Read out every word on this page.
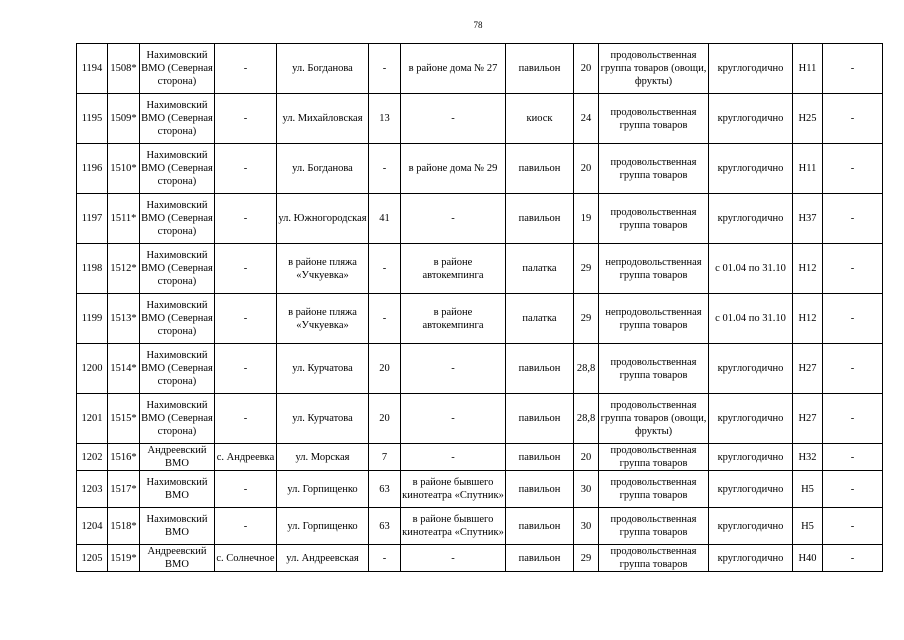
78
1194	1508*	Нахимовский ВМО (Северная сторона)	-	ул. Богданова	-	в районе дома № 27	павильон	20	продовольственная группа товаров (овощи, фрукты)	круглогодично	Н11	-
1195	1509*	Нахимовский ВМО (Северная сторона)	-	ул. Михайловская	13	-	киоск	24	продовольственная группа товаров	круглогодично	Н25	-
1196	1510*	Нахимовский ВМО (Северная сторона)	-	ул. Богданова	-	в районе дома № 29	павильон	20	продовольственная группа товаров	круглогодично	Н11	-
1197	1511*	Нахимовский ВМО (Северная сторона)	-	ул. Южногородская	41	-	павильон	19	продовольственная группа товаров	круглогодично	Н37	-
1198	1512*	Нахимовский ВМО (Северная сторона)	-	в районе пляжа «Учкуевка»	-	в районе автокемпинга	палатка	29	непродовольственная группа товаров	с 01.04 по 31.10	Н12	-
1199	1513*	Нахимовский ВМО (Северная сторона)	-	в районе пляжа «Учкуевка»	-	в районе автокемпинга	палатка	29	непродовольственная группа товаров	с 01.04 по 31.10	Н12	-
1200	1514*	Нахимовский ВМО (Северная сторона)	-	ул. Курчатова	20	-	павильон	28,8	продовольственная группа товаров	круглогодично	Н27	-
1201	1515*	Нахимовский ВМО (Северная сторона)	-	ул. Курчатова	20	-	павильон	28,8	продовольственная группа товаров (овощи, фрукты)	круглогодично	Н27	-
1202	1516*	Андреевский ВМО	с. Андреевка	ул. Морская	7	-	павильон	20	продовольственная группа товаров	круглогодично	Н32	-
1203	1517*	Нахимовский ВМО	-	ул. Горпищенко	63	в районе бывшего кинотеатра «Спутник»	павильон	30	продовольственная группа товаров	круглогодично	Н5	-
1204	1518*	Нахимовский ВМО	-	ул. Горпищенко	63	в районе бывшего кинотеатра «Спутник»	павильон	30	продовольственная группа товаров	круглогодично	Н5	-
1205	1519*	Андреевский ВМО	с. Солнечное	ул. Андреевская	-	-	павильон	29	продовольственная группа товаров	круглогодично	Н40	-
